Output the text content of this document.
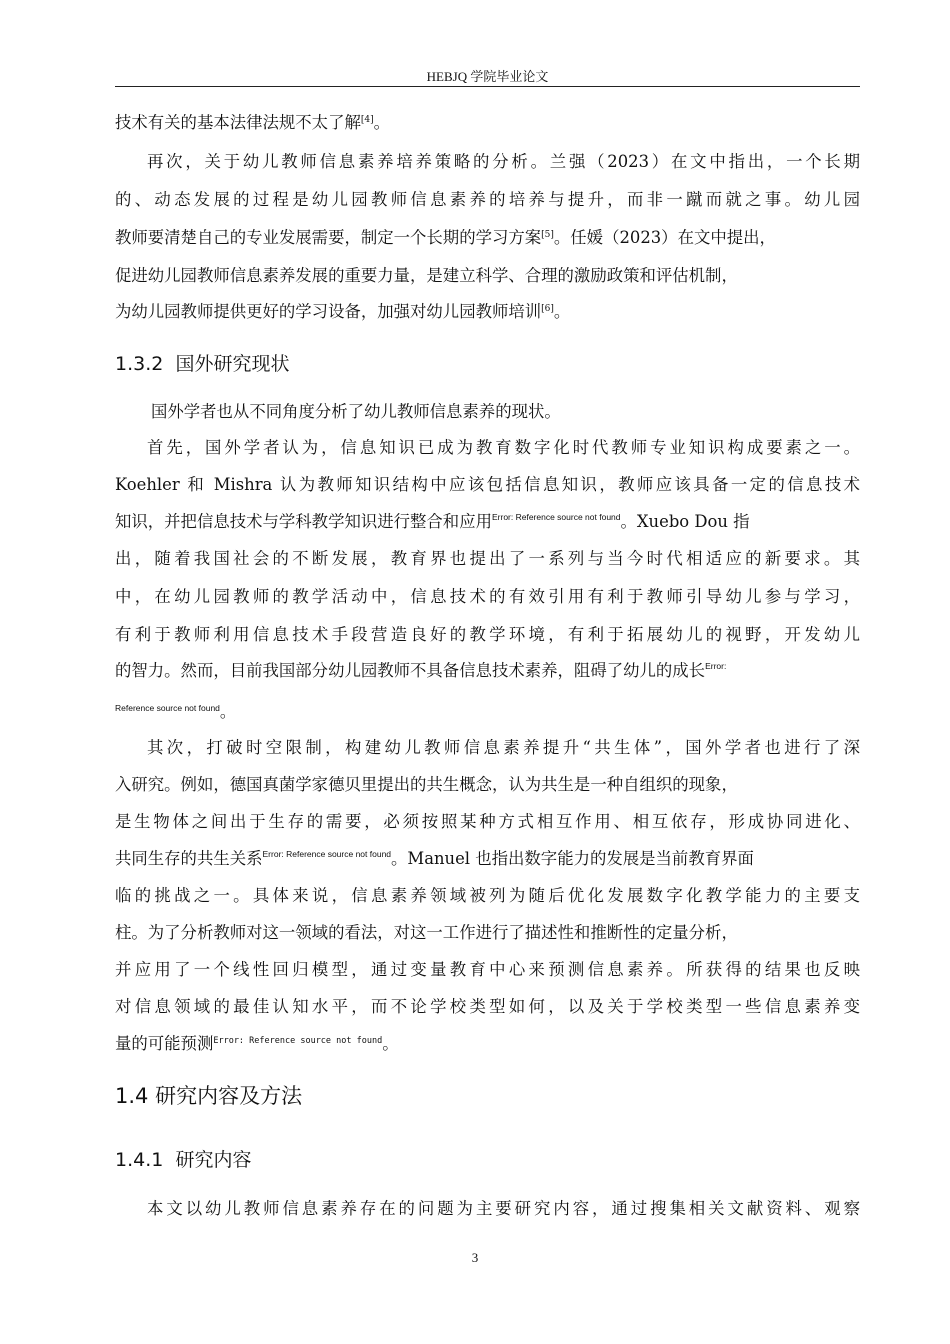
HEBJQ 学院毕业论文
技术有关的基本法律法规不太了解[4]。
再次，关于幼儿教师信息素养培养策略的分析。兰强（2023）在文中指出，一个长期
的、动态发展的过程是幼儿园教师信息素养的培养与提升，而非一蹴而就之事。幼儿园
教师要清楚自己的专业发展需要，制定一个长期的学习方案[5]。任媛（2023）在文中提出，
促进幼儿园教师信息素养发展的重要力量，是建立科学、合理的激励政策和评估机制，
为幼儿园教师提供更好的学习设备，加强对幼儿园教师培训[6]。
1.3.2 国外研究现状
国外学者也从不同角度分析了幼儿教师信息素养的现状。
首先，国外学者认为，信息知识已成为教育数字化时代教师专业知识构成要素之一。
Koehler 和 Mishra 认为教师知识结构中应该包括信息知识，教师应该具备一定的信息技术
知识，并把信息技术与学科教学知识进行整合和应用$^{Error: Reference source not found}$。Xuebo Dou 指
出，随着我国社会的不断发展，教育界也提出了一系列与当今时代相适应的新要求。其
中，在幼儿园教师的教学活动中，信息技术的有效引用有利于教师引导幼儿参与学习，
有利于教师利用信息技术手段营造良好的教学环境，有利于拓展幼儿的视野，开发幼儿
的智力。然而，目前我国部分幼儿园教师不具备信息技术素养，阻碍了幼儿的成长$^{Error:}$
Reference source not found。
其次，打破时空限制，构建幼儿教师信息素养提升“共生体”，国外学者也进行了深
入研究。例如，德国真菌学家德贝里提出的共生概念，认为共生是一种自组织的现象，
是生物体之间出于生存的需要，必须按照某种方式相互作用、相互依存，形成协同进化、
共同生存的共生关系$^{Error: Reference source not found}$。Manuel 也指出数字能力的发展是当前教育界面
临的挑战之一。具体来说，信息素养领域被列为随后优化发展数字化教学能力的主要支
柱。为了分析教师对这一领域的看法，对这一工作进行了描述性和推断性的定量分析，
并应用了一个线性回归模型，通过变量教育中心来预测信息素养。所获得的结果也反映
对信息领域的最佳认知水平，而不论学校类型如何，以及关于学校类型一些信息素养变
量的可能预测$^{Error: Reference source not found}$。
1.4 研究内容及方法
1.4.1 研究内容
本文以幼儿教师信息素养存在的问题为主要研究内容，通过搜集相关文献资料、观察
3
